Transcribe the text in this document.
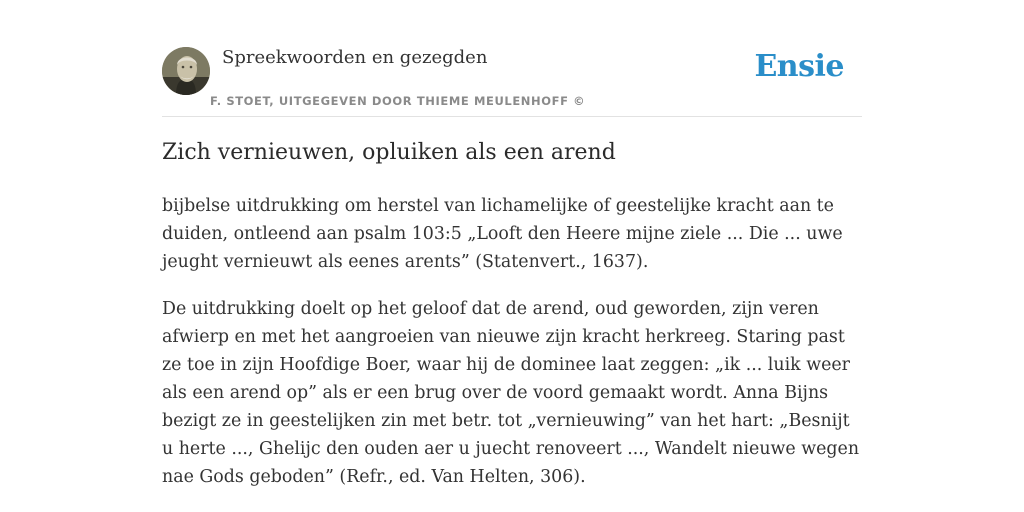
Spreekwoorden en gezegden
F. STOET, UITGEGEVEN DOOR THIEME MEULENHOFF ©
Ensie
Zich vernieuwen, opluiken als een arend

bijbelse uitdrukking om herstel van lichamelijke of geestelijke kracht aan te duiden, ontleend aan psalm 103:5 „Looft den Heere mijne ziele ... Die ... uwe jeught vernieuwt als eenes arents” (Statenvert., 1637).

De uitdrukking doelt op het geloof dat de arend, oud geworden, zijn veren afwierp en met het aangroeien van nieuwe zijn kracht herkreeg. Staring past ze toe in zijn Hoofdige Boer, waar hij de dominee laat zeggen: „ik ... luik weer als een arend op” als er een brug over de voord gemaakt wordt. Anna Bijns bezigt ze in geestelijken zin met betr. tot „vernieuwing” van het hart: „Besnijt u herte ..., Ghelijc den ouden aer u juecht renoveert ..., Wandelt nieuwe wegen nae Gods geboden” (Refr., ed. Van Helten, 306).
